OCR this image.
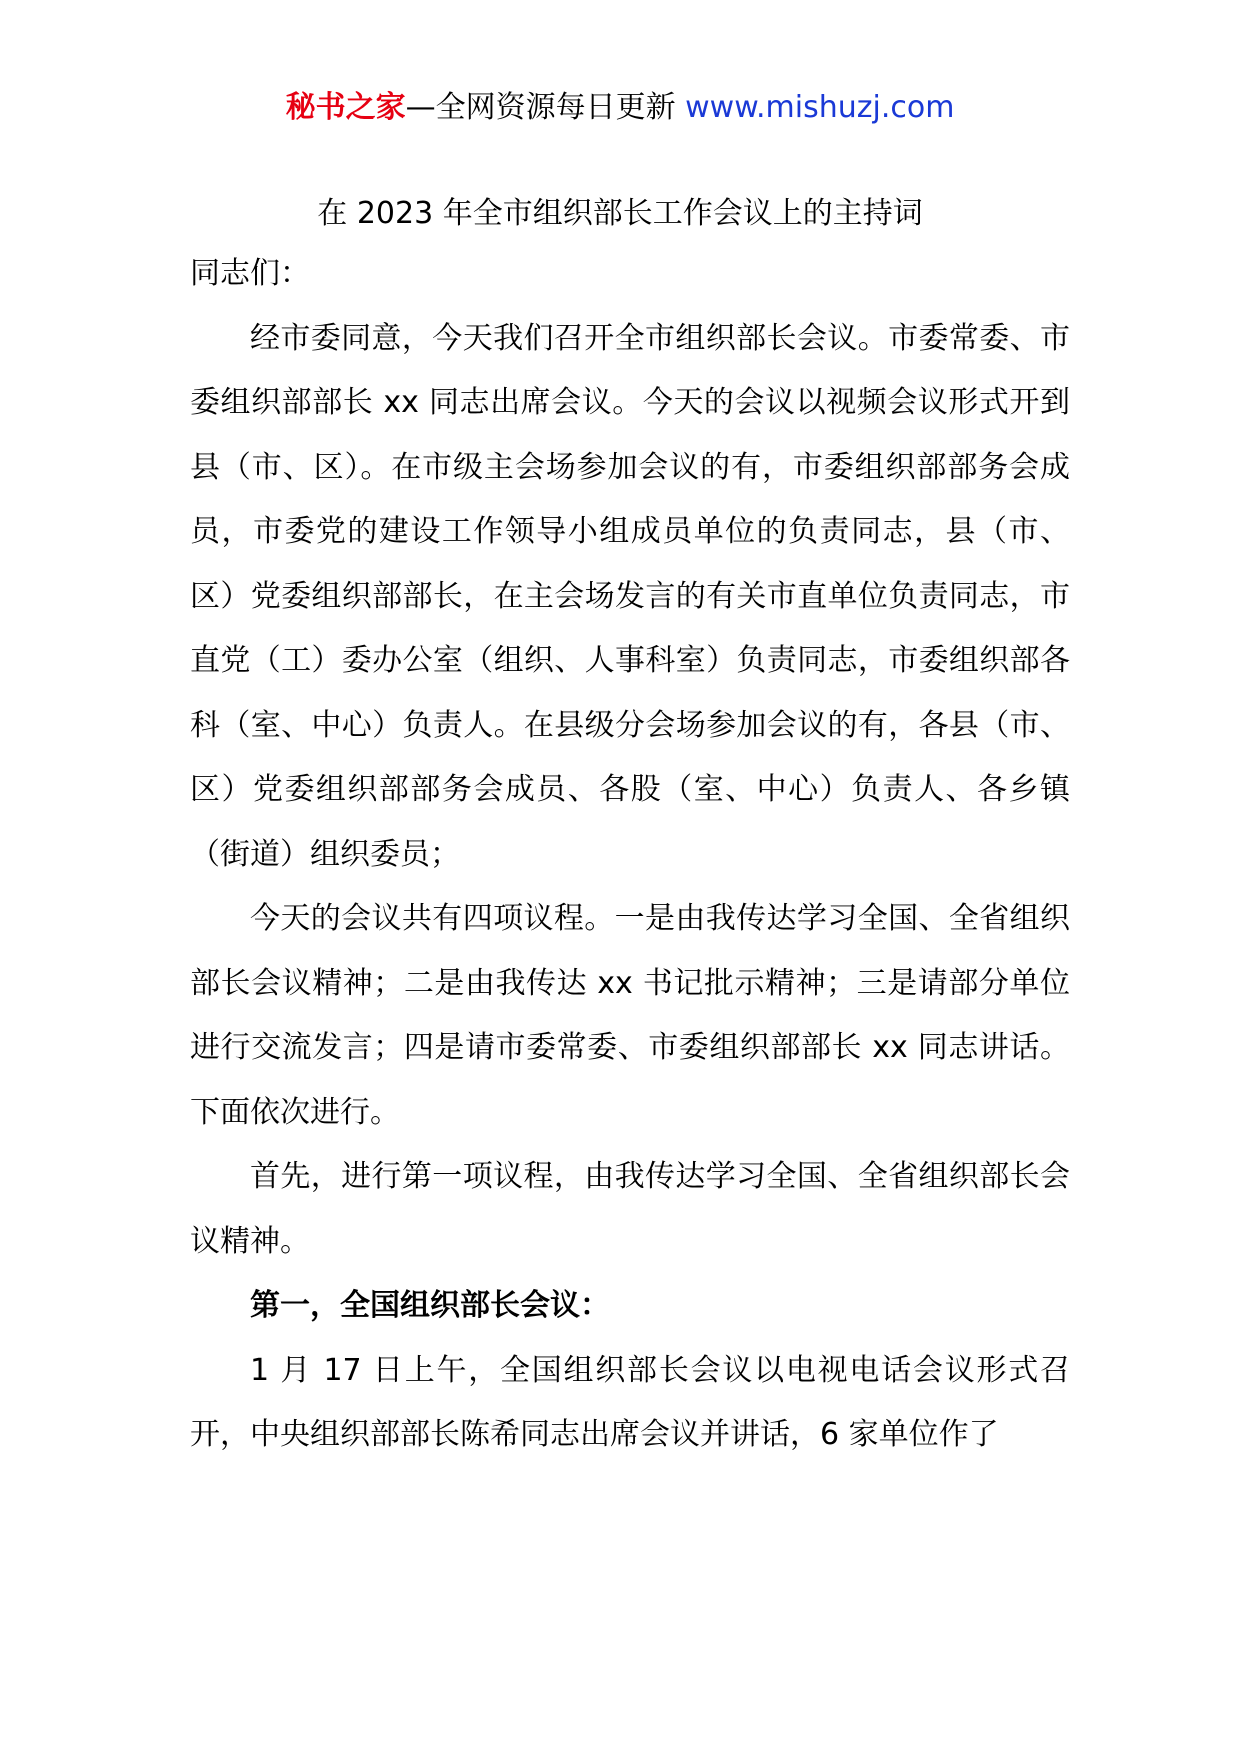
秘书之家—全网资源每日更新 www.mishuzj.com
在 2023 年全市组织部长工作会议上的主持词

同志们：

经市委同意，今天我们召开全市组织部长会议。市委常委、市委组织部部长 xx 同志出席会议。今天的会议以视频会议形式开到县（市、区）。在市级主会场参加会议的有，市委组织部部务会成员，市委党的建设工作领导小组成员单位的负责同志，县（市、区）党委组织部部长，在主会场发言的有关市直单位负责同志，市直党（工）委办公室（组织、人事科室）负责同志，市委组织部各科（室、中心）负责人。在县级分会场参加会议的有，各县（市、区）党委组织部部务会成员、各股（室、中心）负责人、各乡镇（街道）组织委员；

今天的会议共有四项议程。一是由我传达学习全国、全省组织部长会议精神；二是由我传达 xx 书记批示精神；三是请部分单位进行交流发言；四是请市委常委、市委组织部部长 xx 同志讲话。下面依次进行。

首先，进行第一项议程，由我传达学习全国、全省组织部长会议精神。

第一，全国组织部长会议：

1 月 17 日上午，全国组织部长会议以电视电话会议形式召开，中央组织部部长陈希同志出席会议并讲话，6 家单位作了
